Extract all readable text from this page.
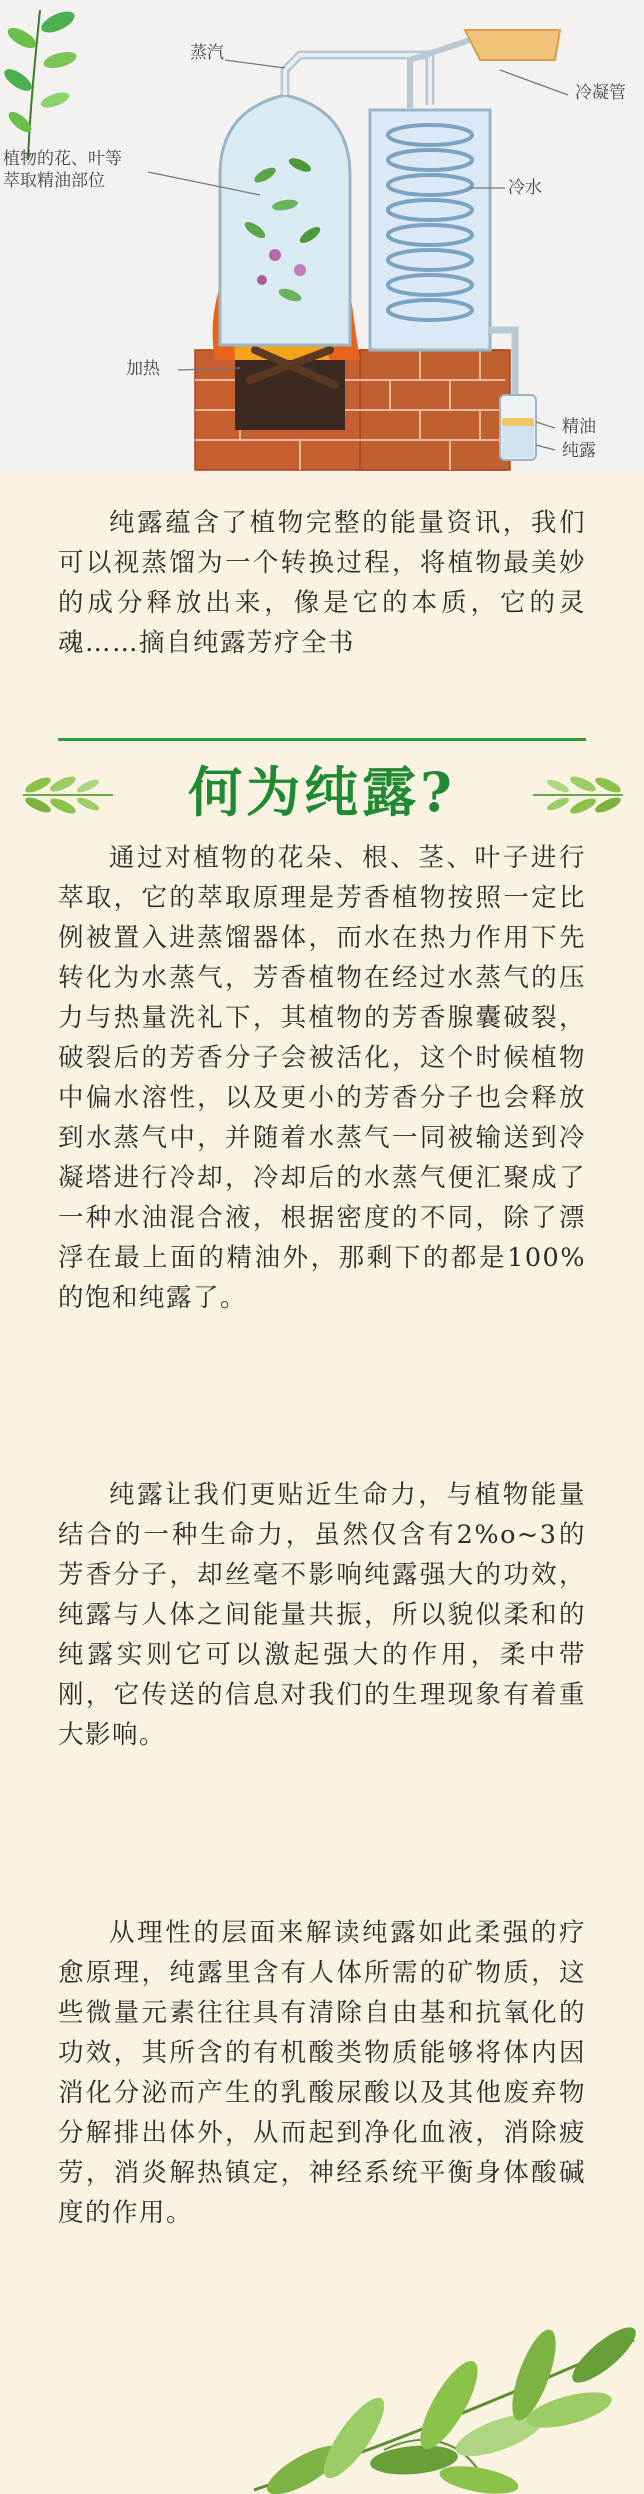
蒸汽
冷凝管
植物的花、叶等
萃取精油部位	冷水
加热
精油
纯露

纯露蕴含了植物完整的能量资讯，我们可以视蒸馏为一个转换过程，将植物最美妙的成分释放出来，像是它的本质，它的灵魂……摘自纯露芳疗全书

何为纯露?

通过对植物的花朵、根、茎、叶子进行萃取，它的萃取原理是芳香植物按照一定比例被置入进蒸馏器体，而水在热力作用下先转化为水蒸气，芳香植物在经过水蒸气的压力与热量洗礼下，其植物的芳香腺囊破裂，破裂后的芳香分子会被活化，这个时候植物中偏水溶性，以及更小的芳香分子也会释放到水蒸气中，并随着水蒸气一同被输送到冷凝塔进行冷却，冷却后的水蒸气便汇聚成了一种水油混合液，根据密度的不同，除了漂浮在最上面的精油外，那剩下的都是100%的饱和纯露了。

纯露让我们更贴近生命力，与植物能量结合的一种生命力，虽然仅含有2%o~3的芳香分子，却丝毫不影响纯露强大的功效，纯露与人体之间能量共振，所以貌似柔和的纯露实则它可以激起强大的作用，柔中带刚，它传送的信息对我们的生理现象有着重大影响。

从理性的层面来解读纯露如此柔强的疗愈原理，纯露里含有人体所需的矿物质，这些微量元素往往具有清除自由基和抗氧化的功效，其所含的有机酸类物质能够将体内因消化分泌而产生的乳酸尿酸以及其他废弃物分解排出体外，从而起到净化血液，消除疲劳，消炎解热镇定，神经系统平衡身体酸碱度的作用。
